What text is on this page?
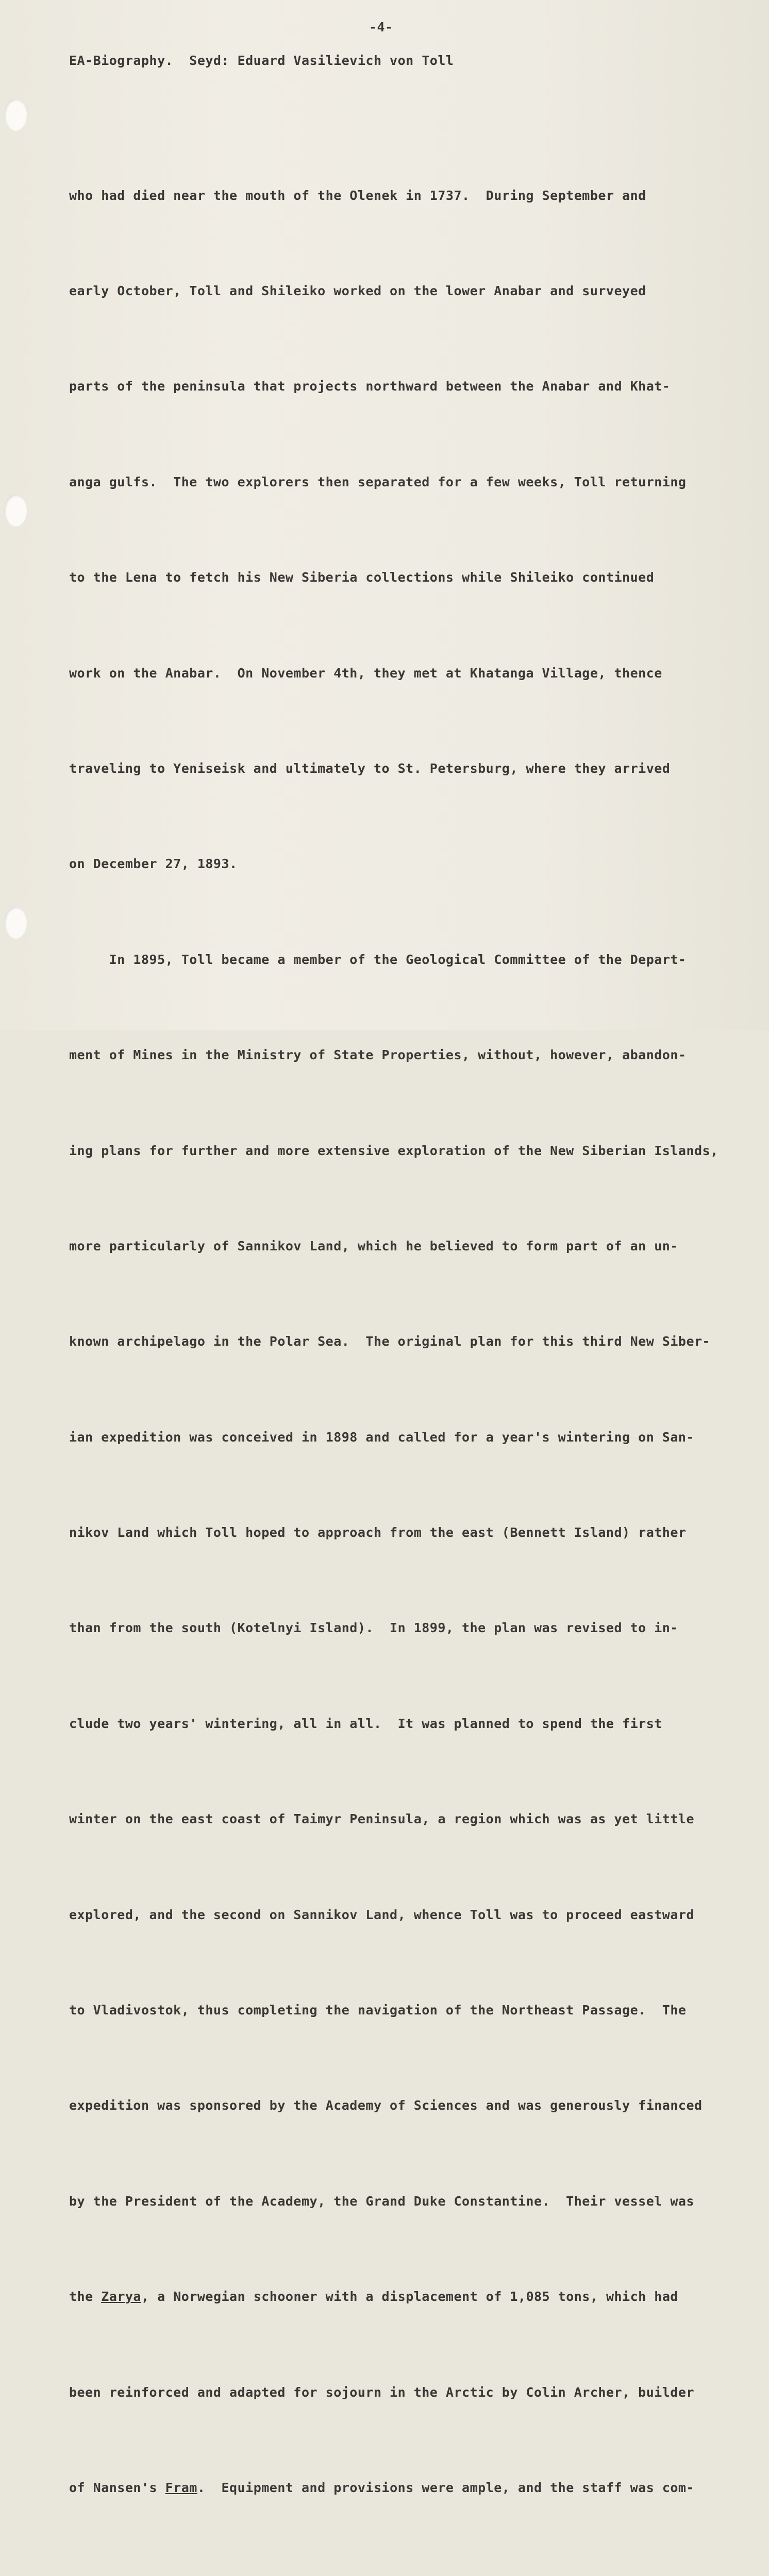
-4-
EA-Biography.  Seyd: Eduard Vasilievich von Toll

who had died near the mouth of the Olenek in 1737.  During September and

early October, Toll and Shileiko worked on the lower Anabar and surveyed

parts of the peninsula that projects northward between the Anabar and Khat-

anga gulfs.  The two explorers then separated for a few weeks, Toll returning

to the Lena to fetch his New Siberia collections while Shileiko continued

work on the Anabar.  On November 4th, they met at Khatanga Village, thence

traveling to Yeniseisk and ultimately to St. Petersburg, where they arrived

on December 27, 1893.

In 1895, Toll became a member of the Geological Committee of the Depart-

ment of Mines in the Ministry of State Properties, without, however, abandon-

ing plans for further and more extensive exploration of the New Siberian Islands,

more particularly of Sannikov Land, which he believed to form part of an un-

known archipelago in the Polar Sea.  The original plan for this third New Siber-

ian expedition was conceived in 1898 and called for a year's wintering on San-

nikov Land which Toll hoped to approach from the east (Bennett Island) rather

than from the south (Kotelnyi Island).  In 1899, the plan was revised to in-

clude two years' wintering, all in all.  It was planned to spend the first

winter on the east coast of Taimyr Peninsula, a region which was as yet little

explored, and the second on Sannikov Land, whence Toll was to proceed eastward

to Vladivostok, thus completing the navigation of the Northeast Passage.  The

expedition was sponsored by the Academy of Sciences and was generously financed

by the President of the Academy, the Grand Duke Constantine.  Their vessel was

the Zarya, a Norwegian schooner with a displacement of 1,085 tons, which had

been reinforced and adapted for sojourn in the Arctic by Colin Archer, builder

of Nansen's Fram.  Equipment and provisions were ample, and the staff was com-
